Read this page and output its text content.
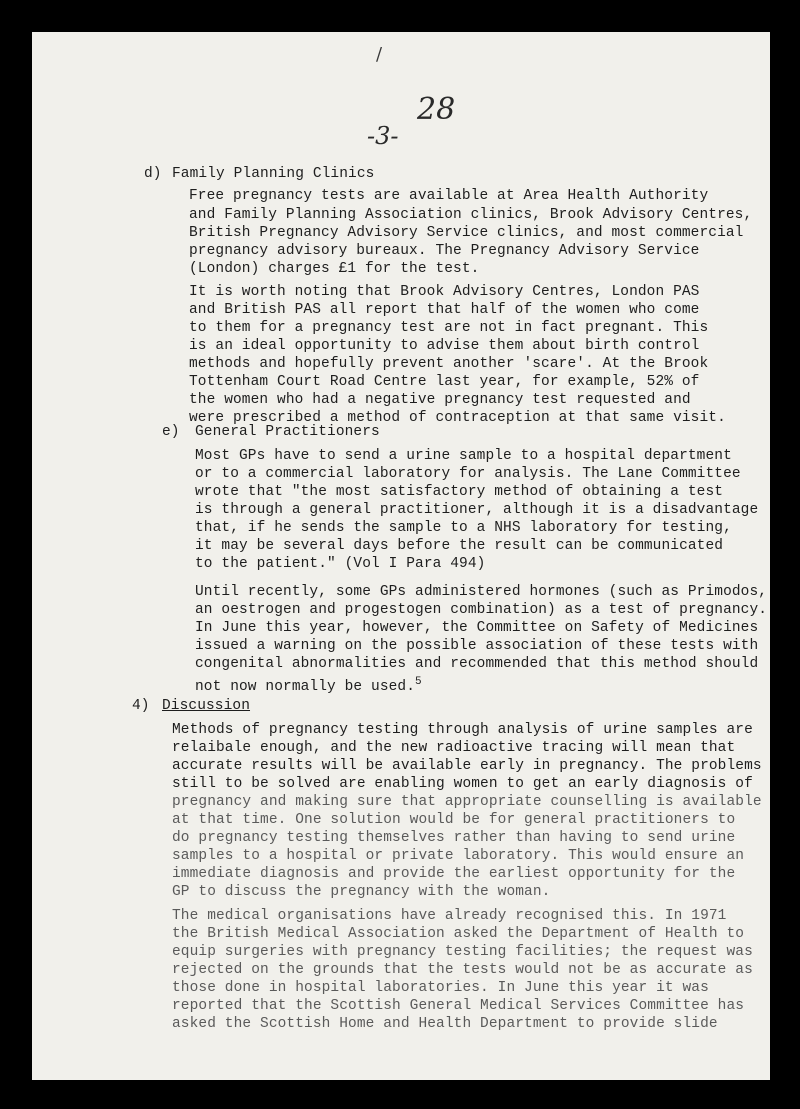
/
28
-3-
d) Family Planning Clinics
Free pregnancy tests are available at Area Health Authority
and Family Planning Association clinics, Brook Advisory Centres,
British Pregnancy Advisory Service clinics, and most commercial
pregnancy advisory bureaux. The Pregnancy Advisory Service
(London) charges £1 for the test.
It is worth noting that Brook Advisory Centres, London PAS
and British PAS all report that half of the women who come
to them for a pregnancy test are not in fact pregnant. This
is an ideal opportunity to advise them about birth control
methods and hopefully prevent another 'scare'. At the Brook
Tottenham Court Road Centre last year, for example, 52% of
the women who had a negative pregnancy test requested and
were prescribed a method of contraception at that same visit.
e) General Practitioners
Most GPs have to send a urine sample to a hospital department
or to a commercial laboratory for analysis. The Lane Committee
wrote that "the most satisfactory method of obtaining a test
is through a general practitioner, although it is a disadvantage
that, if he sends the sample to a NHS laboratory for testing,
it may be several days before the result can be communicated
to the patient." (Vol I Para 494)
Until recently, some GPs administered hormones (such as Primodos,
an oestrogen and progestogen combination) as a test of pregnancy.
In June this year, however, the Committee on Safety of Medicines
issued a warning on the possible association of these tests with
congenital abnormalities and recommended that this method should
not now normally be used.$^5$
4) Discussion
Methods of pregnancy testing through analysis of urine samples are
relaibale enough, and the new radioactive tracing will mean that
accurate results will be available early in pregnancy. The problems
still to be solved are enabling women to get an early diagnosis of
pregnancy and making sure that appropriate counselling is available
at that time. One solution would be for general practitioners to
do pregnancy testing themselves rather than having to send urine
samples to a hospital or private laboratory. This would ensure an
immediate diagnosis and provide the earliest opportunity for the
GP to discuss the pregnancy with the woman.
The medical organisations have already recognised this. In 1971
the British Medical Association asked the Department of Health to
equip surgeries with pregnancy testing facilities; the request was
rejected on the grounds that the tests would not be as accurate as
those done in hospital laboratories. In June this year it was
reported that the Scottish General Medical Services Committee has
asked the Scottish Home and Health Department to provide slide
